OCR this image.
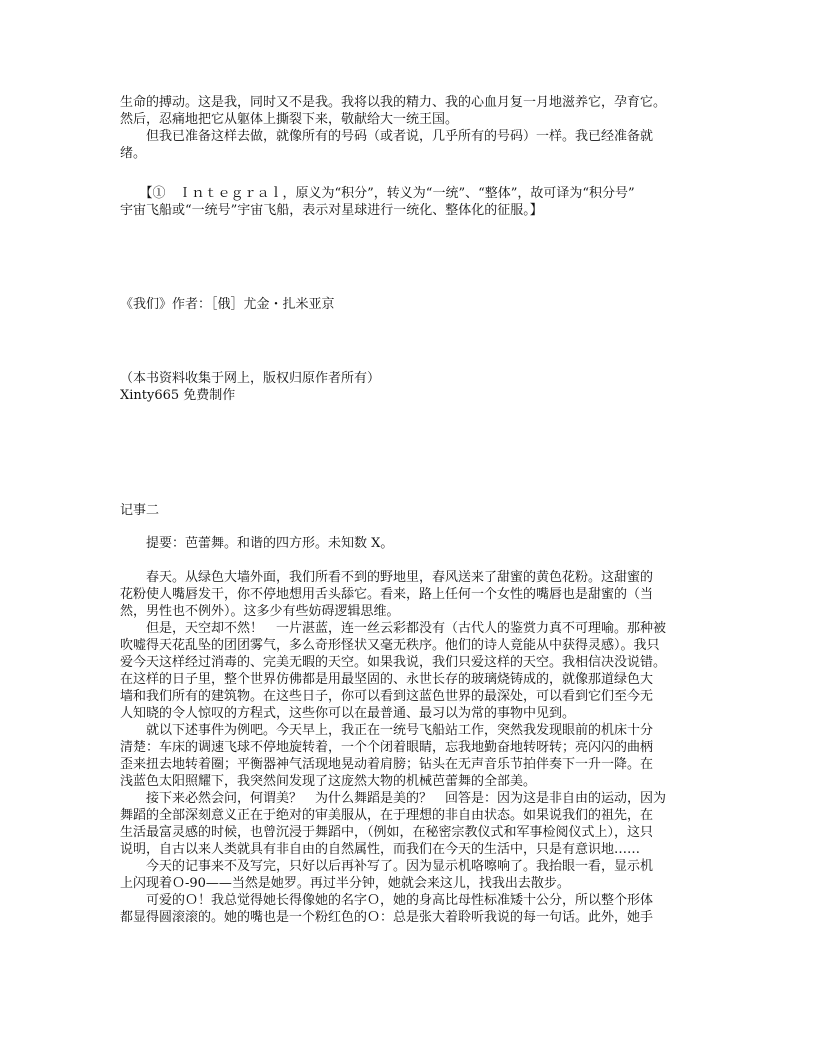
生命的搏动。这是我，同时又不是我。我将以我的精力、我的心血月复一月地滋养它，孕育它。
然后，忍痛地把它从躯体上撕裂下来，敬献给大一统王国。
　　但我已准备这样去做，就像所有的号码（或者说，几乎所有的号码）一样。我已经准备就
绪。
　　【①　Ｉｎｔｅｇｒａｌ，原义为“积分”，转义为“一统”、“整体”，故可译为“积分号”
宇宙飞船或“一统号”宇宙飞船，表示对星球进行一统化、整体化的征服。】
《我们》作者：［俄］尤金・扎米亚京
（本书资料收集于网上，版权归原作者所有）
Xinty665 免费制作
记事二
　　提要：芭蕾舞。和谐的四方形。未知数 X。
　　春天。从绿色大墙外面，我们所看不到的野地里，春风送来了甜蜜的黄色花粉。这甜蜜的
花粉使人嘴唇发干，你不停地想用舌头舔它。看来，路上任何一个女性的嘴唇也是甜蜜的（当
然，男性也不例外）。这多少有些妨碍逻辑思维。
　　但是，天空却不然！　一片湛蓝，连一丝云彩都没有（古代人的鉴赏力真不可理喻。那种被
吹嘘得天花乱坠的团团雾气，多么奇形怪状又毫无秩序。他们的诗人竟能从中获得灵感）。我只
爱今天这样经过消毒的、完美无暇的天空。如果我说，我们只爱这样的天空。我相信决没说错。
在这样的日子里，整个世界仿佛都是用最坚固的、永世长存的玻璃烧铸成的，就像那道绿色大
墙和我们所有的建筑物。在这些日子，你可以看到这蓝色世界的最深处，可以看到它们至今无
人知晓的令人惊叹的方程式，这些你可以在最普通、最习以为常的事物中见到。
　　就以下述事件为例吧。今天早上，我正在一统号飞船站工作，突然我发现眼前的机床十分
清楚：车床的调速飞球不停地旋转着，一个个闭着眼睛，忘我地勤奋地转呀转；亮闪闪的曲柄
歪来扭去地转着圈；平衡器神气活现地晃动着肩膀；钻头在无声音乐节拍伴奏下一升一降。在
浅蓝色太阳照耀下，我突然间发现了这庞然大物的机械芭蕾舞的全部美。
　　接下来必然会问，何谓美？　为什么舞蹈是美的？　回答是：因为这是非自由的运动，因为
舞蹈的全部深刻意义正在于绝对的审美服从，在于理想的非自由状态。如果说我们的祖先，在
生活最富灵感的时候，也曾沉浸于舞蹈中，（例如，在秘密宗教仪式和军事检阅仪式上），这只
说明，自古以来人类就具有非自由的自然属性，而我们在今天的生活中，只是有意识地……
　　今天的记事来不及写完，只好以后再补写了。因为显示机咯嚓响了。我抬眼一看，显示机
上闪现着Ｏ-90——当然是她罗。再过半分钟，她就会来这儿，找我出去散步。
　　可爱的Ｏ！我总觉得她长得像她的名字Ｏ，她的身高比母性标准矮十公分，所以整个形体
都显得圆滚滚的。她的嘴也是一个粉红色的Ｏ：总是张大着聆听我说的每一句话。此外，她手
